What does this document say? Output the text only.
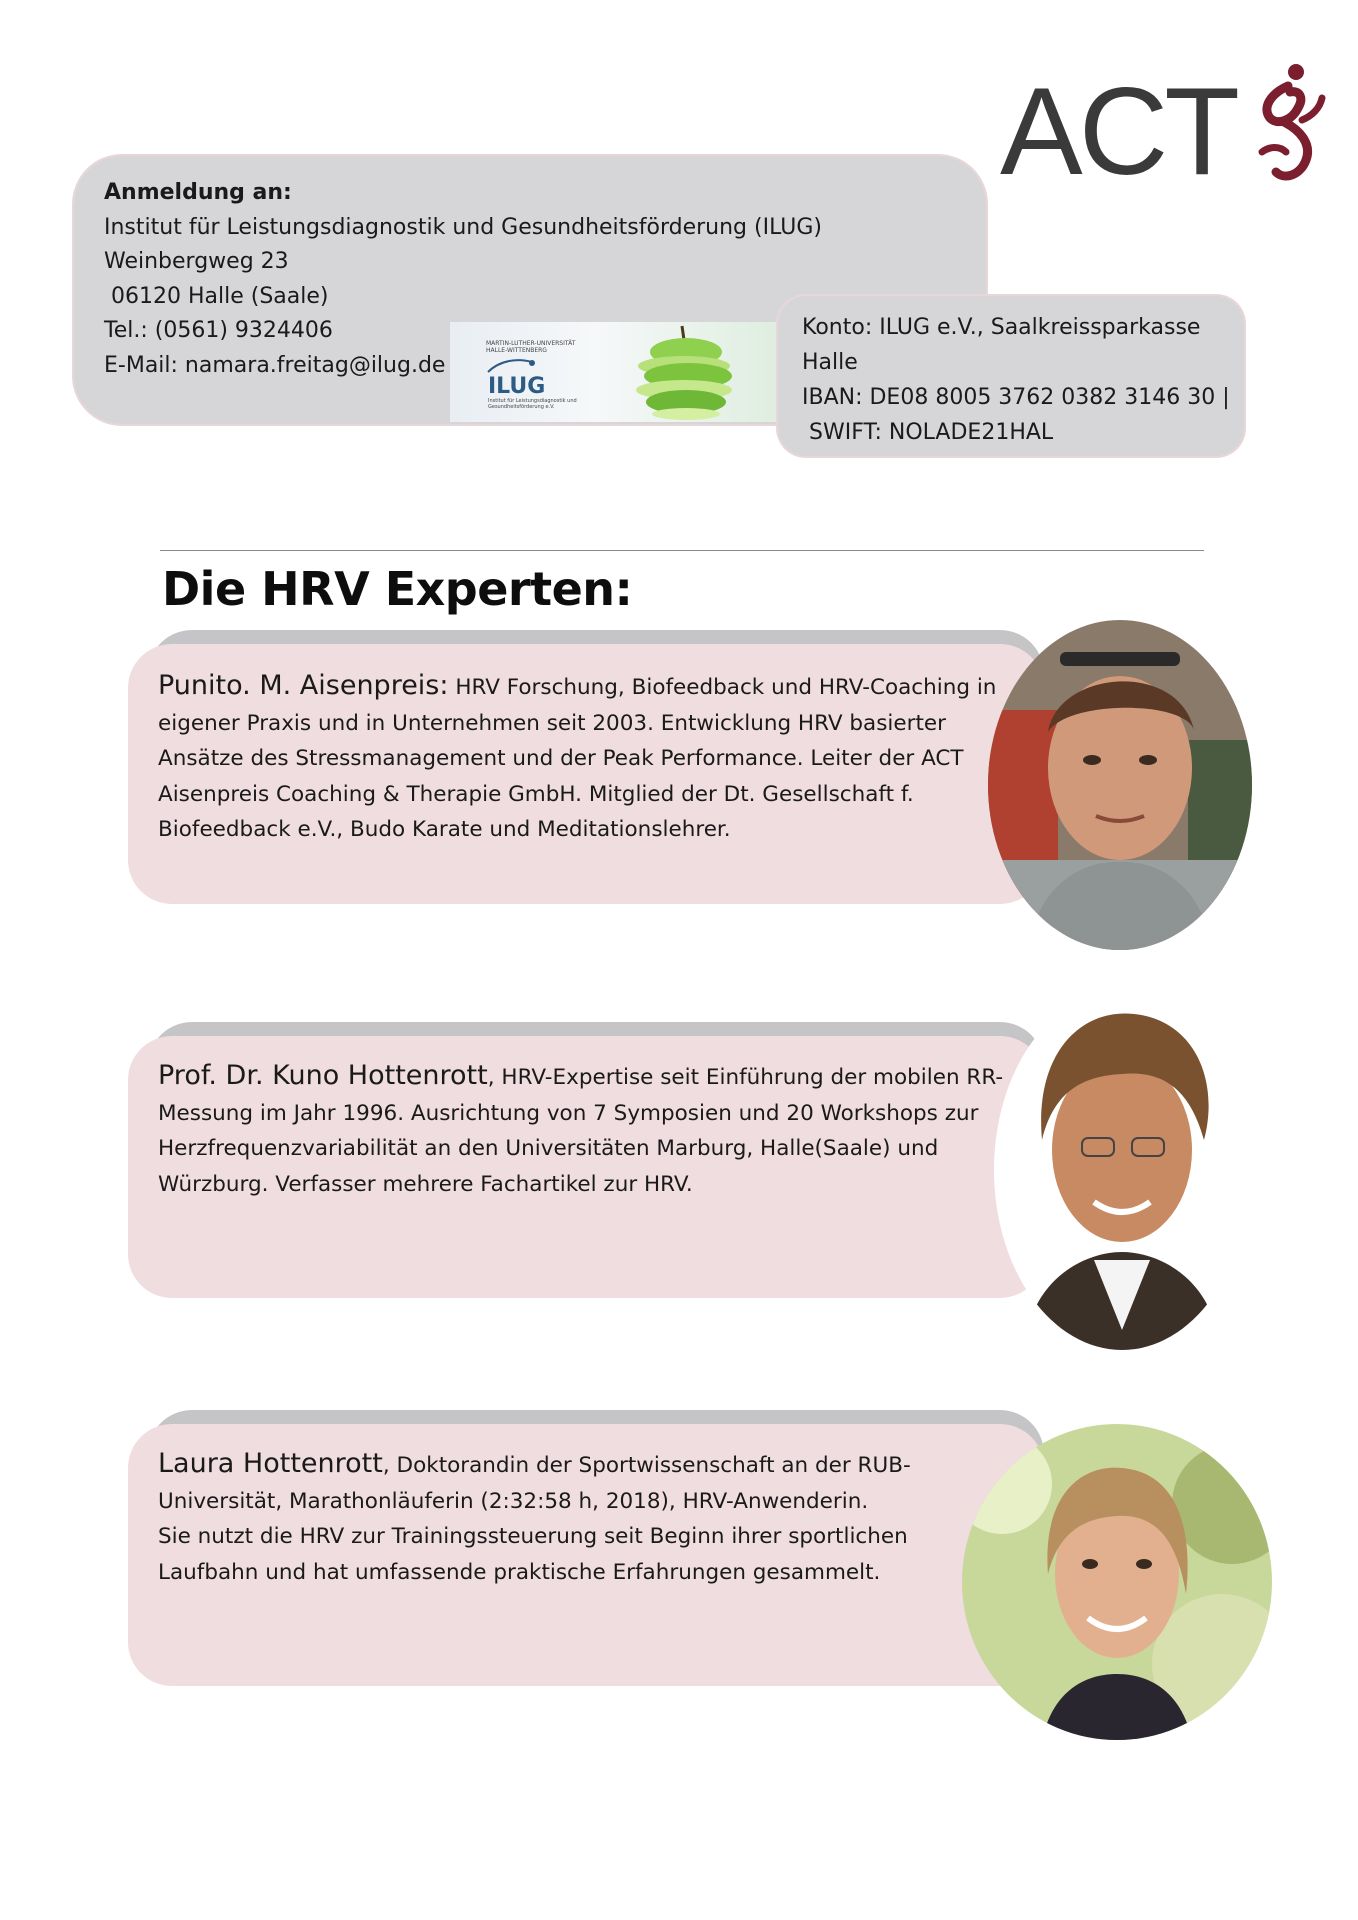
ACT
Anmeldung an:
Institut für Leistungsdiagnostik und Gesundheitsförderung (ILUG)
Weinbergweg 23
06120 Halle (Saale)
Tel.: (0561) 9324406
E-Mail: namara.freitag@ilug.de
MARTIN-LUTHER-UNIVERSITÄT HALLE-WITTENBERG
ILUG
Institut für Leistungsdiagnostik und Gesundheitsförderung e.V.
Konto: ILUG e.V., Saalkreissparkasse
Halle
IBAN: DE08 8005 3762 0382 3146 30 |
SWIFT: NOLADE21HAL
Die HRV Experten:
Punito. M. Aisenpreis: HRV Forschung, Biofeedback und HRV-Coaching in
eigener Praxis und in Unternehmen seit 2003. Entwicklung HRV basierter
Ansätze des Stressmanagement und der Peak Performance. Leiter der ACT
Aisenpreis Coaching & Therapie GmbH. Mitglied der Dt. Gesellschaft f.
Biofeedback e.V., Budo Karate und Meditationslehrer.
Prof. Dr. Kuno Hottenrott, HRV-Expertise seit Einführung der mobilen RR-
Messung im Jahr 1996. Ausrichtung von 7 Symposien und 20 Workshops zur
Herzfrequenzvariabilität an den Universitäten Marburg, Halle(Saale) und
Würzburg. Verfasser mehrere Fachartikel zur HRV.
Laura Hottenrott, Doktorandin der Sportwissenschaft an der RUB-
Universität, Marathonläuferin (2:32:58 h, 2018), HRV-Anwenderin.
Sie nutzt die HRV zur Trainingssteuerung seit Beginn ihrer sportlichen
Laufbahn und hat umfassende praktische Erfahrungen gesammelt.
